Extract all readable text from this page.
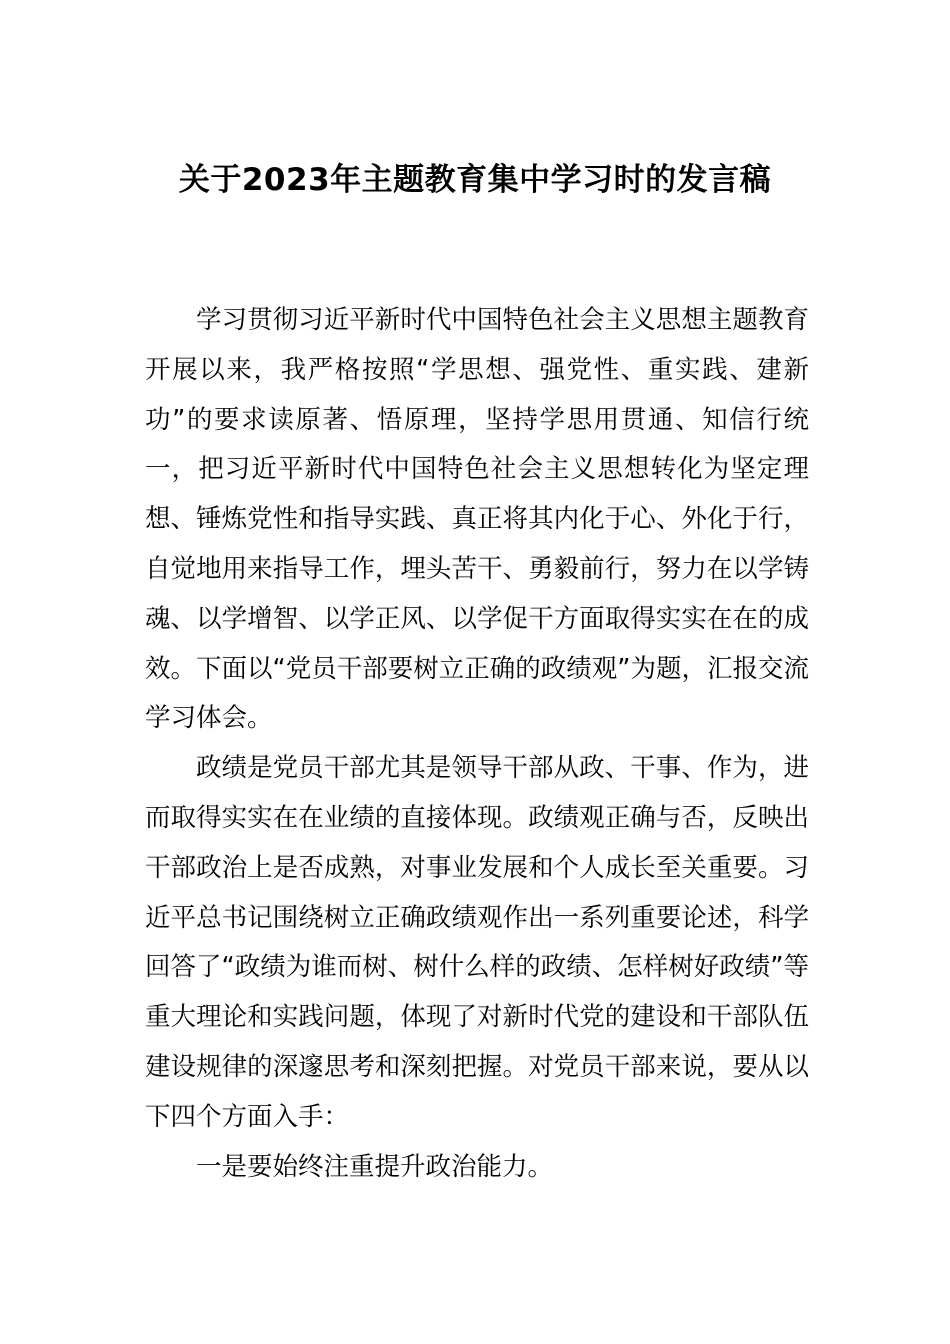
关于2023年主题教育集中学习时的发言稿

学习贯彻习近平新时代中国特色社会主义思想主题教育开展以来，我严格按照“学思想、强党性、重实践、建新功”的要求读原著、悟原理，坚持学思用贯通、知信行统一，把习近平新时代中国特色社会主义思想转化为坚定理想、锤炼党性和指导实践、真正将其内化于心、外化于行，自觉地用来指导工作，埋头苦干、勇毅前行，努力在以学铸魂、以学增智、以学正风、以学促干方面取得实实在在的成效。下面以“党员干部要树立正确的政绩观”为题，汇报交流学习体会。

政绩是党员干部尤其是领导干部从政、干事、作为，进而取得实实在在业绩的直接体现。政绩观正确与否，反映出干部政治上是否成熟，对事业发展和个人成长至关重要。习近平总书记围绕树立正确政绩观作出一系列重要论述，科学回答了“政绩为谁而树、树什么样的政绩、怎样树好政绩”等重大理论和实践问题，体现了对新时代党的建设和干部队伍建设规律的深邃思考和深刻把握。对党员干部来说，要从以下四个方面入手：

一是要始终注重提升政治能力。
